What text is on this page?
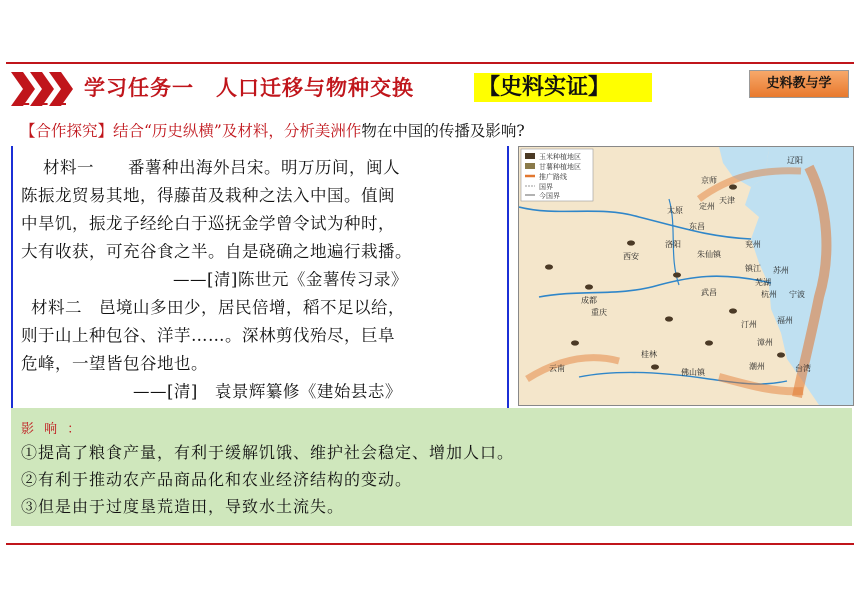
学习任务一 人口迁移与物种交换	【史料实证】	史料教与学
【合作探究】结合“历史纵横”及材料，分析美洲作物在中国的传播及影响?
材料一　　番薯种出海外吕宋。明万历间，闽人
陈振龙贸易其地，得藤苗及栽种之法入中国。值闽
中旱饥，振龙子经纶白于巡抚金学曾令试为种时，
大有收获，可充谷食之半。自是硗确之地遍行栽播。
——[清]陈世元《金薯传习录》
材料二　邑境山多田少，居民倍增，稻不足以给，
则于山上种包谷、洋芋……。深林剪伐殆尽，巨阜
危峰，一望皆包谷地也。
——[清]　袁景辉纂修《建始县志》
玉米种植地区
甘薯种植地区
推广路线
国界
今国界
辽阳
京师
天津
太原 定州
东昌
兖州
西安
洛阳
朱仙镇
成都
重庆
武昌
镇江 苏州
芜湖
杭州 宁波
汀州	福州
漳州
潮州
桂林
云南	佛山镇	台湾
影 响 ：
①提高了粮食产量，有利于缓解饥饿、维护社会稳定、增加人口。
②有利于推动农产品商品化和农业经济结构的变动。
③但是由于过度垦荒造田，导致水土流失。
